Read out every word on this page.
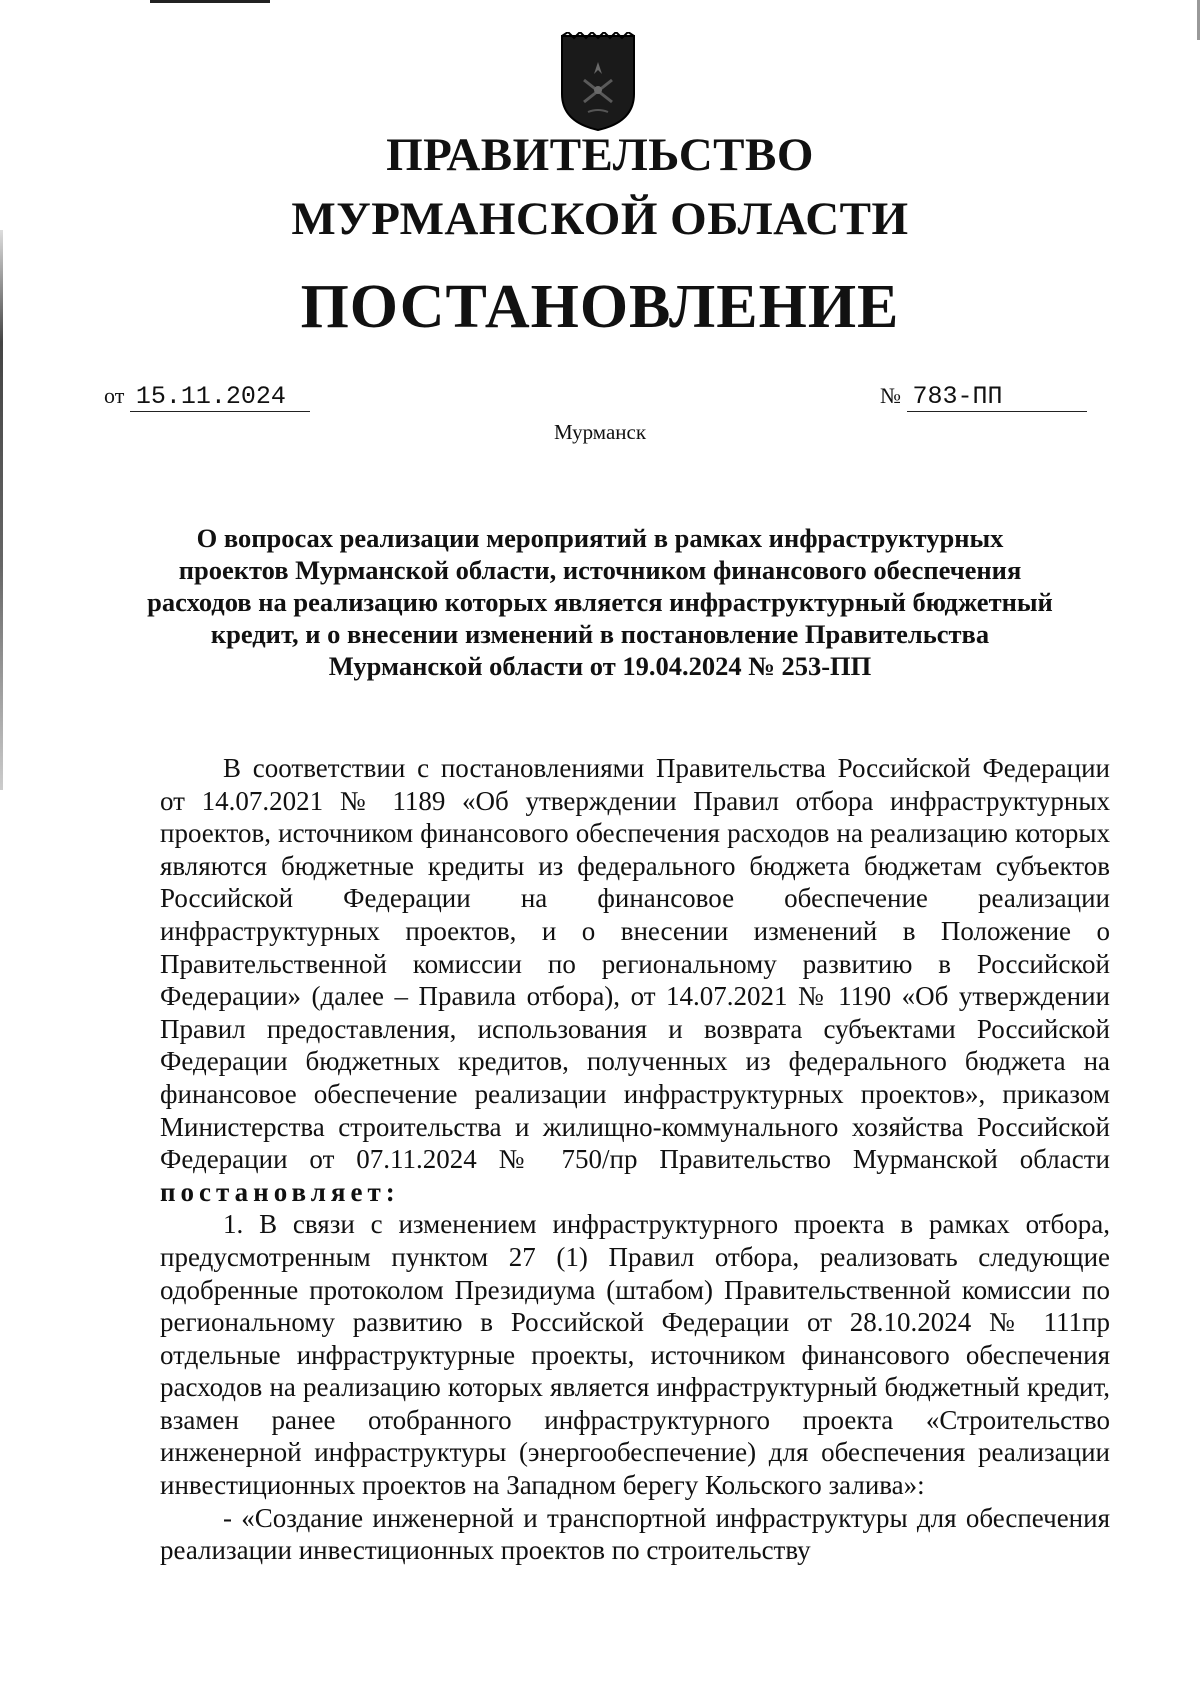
ПРАВИТЕЛЬСТВО
МУРМАНСКОЙ ОБЛАСТИ
ПОСТАНОВЛЕНИЕ
от 15.11.2024	№ 783-ПП
Мурманск
О вопросах реализации мероприятий в рамках инфраструктурных проектов Мурманской области, источником финансового обеспечения расходов на реализацию которых является инфраструктурный бюджетный кредит, и о внесении изменений в постановление Правительства Мурманской области от 19.04.2024 № 253-ПП

В соответствии с постановлениями Правительства Российской Федерации от 14.07.2021 № 1189 «Об утверждении Правил отбора инфраструктурных проектов, источником финансового обеспечения расходов на реализацию которых являются бюджетные кредиты из федерального бюджета бюджетам субъектов Российской Федерации на финансовое обеспечение реализации инфраструктурных проектов, и о внесении изменений в Положение о Правительственной комиссии по региональному развитию в Российской Федерации» (далее – Правила отбора), от 14.07.2021 № 1190 «Об утверждении Правил предоставления, использования и возврата субъектами Российской Федерации бюджетных кредитов, полученных из федерального бюджета на финансовое обеспечение реализации инфраструктурных проектов», приказом Министерства строительства и жилищно-коммунального хозяйства Российской Федерации от 07.11.2024 № 750/пр Правительство Мурманской области постановляет:

1. В связи с изменением инфраструктурного проекта в рамках отбора, предусмотренным пунктом 27 (1) Правил отбора, реализовать следующие одобренные протоколом Президиума (штабом) Правительственной комиссии по региональному развитию в Российской Федерации от 28.10.2024 № 111пр отдельные инфраструктурные проекты, источником финансового обеспечения расходов на реализацию которых является инфраструктурный бюджетный кредит, взамен ранее отобранного инфраструктурного проекта «Строительство инженерной инфраструктуры (энергообеспечение) для обеспечения реализации инвестиционных проектов на Западном берегу Кольского залива»:

- «Создание инженерной и транспортной инфраструктуры для обеспечения реализации инвестиционных проектов по строительству
